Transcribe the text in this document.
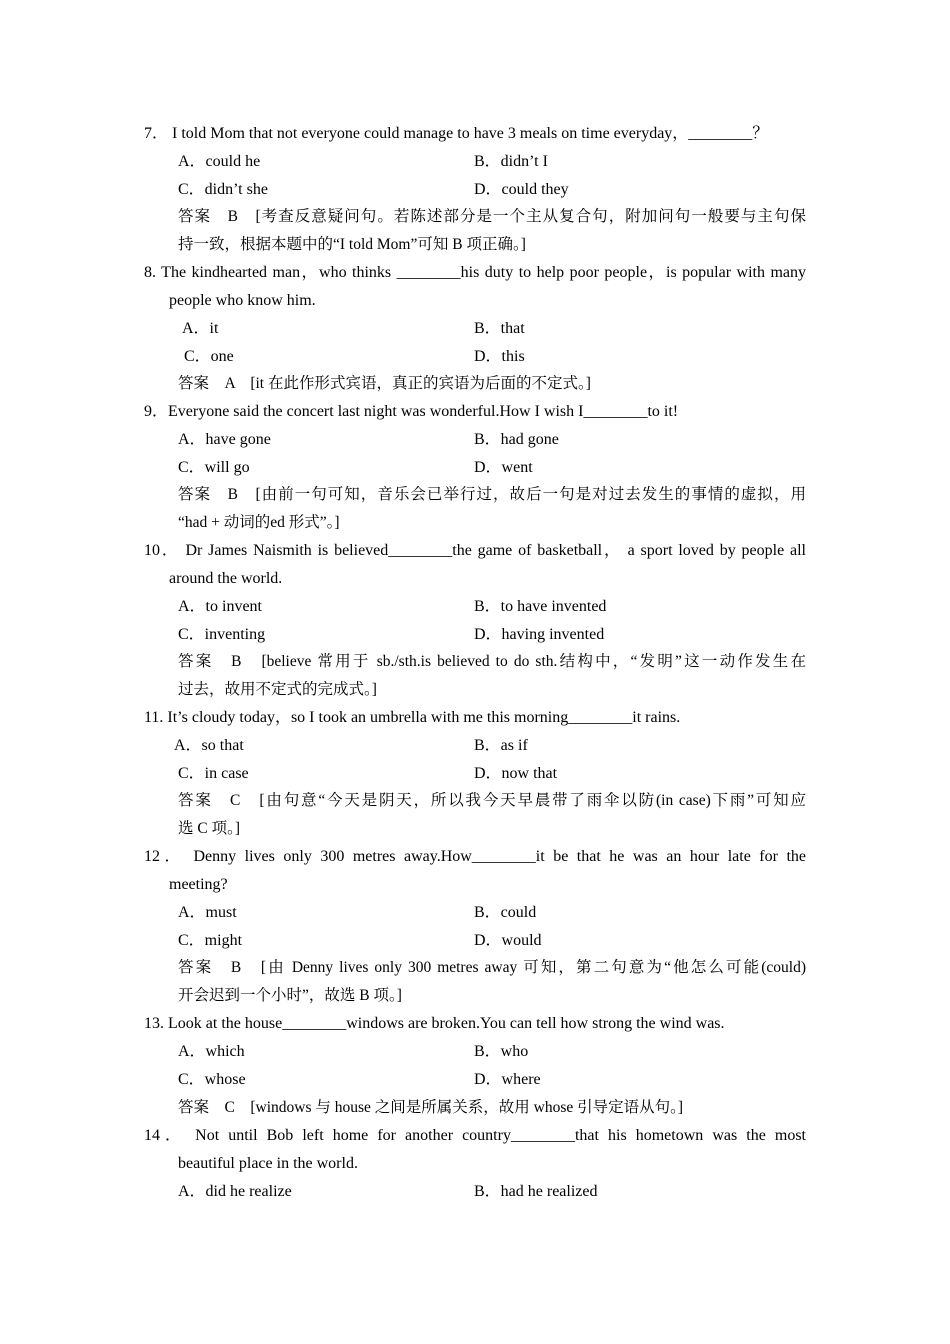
7． I told Mom that not everyone could manage to have 3 meals on time everyday，________？
A．could he	B．didn’t I
C．didn’t she	D．could they
答案　B　[考查反意疑问句。若陈述部分是一个主从复合句，附加问句一般要与主句保
持一致，根据本题中的“I told Mom”可知 B 项正确。]
8. The kindhearted man，who thinks ________his duty to help poor people，is popular with many
people who know him.
A．it	B．that
C．one	D．this
答案　A　[it 在此作形式宾语，真正的宾语为后面的不定式。]
9．Everyone said the concert last night was wonderful.How I wish I________to it!
A．have gone	B．had gone
C．will go	D．went
答案　B　[由前一句可知，音乐会已举行过，故后一句是对过去发生的事情的虚拟，用
“had + 动词的ed 形式”。]
10． Dr James Naismith is believed________the game of basketball， a sport loved by people all
around the world.
A．to invent	B．to have invented
C．inventing	D．having invented
答案　B　[believe 常用于 sb./sth.is believed to do sth.结构中，“发明”这一动作发生在
过去，故用不定式的完成式。]
11. It’s cloudy today，so I took an umbrella with me this morning________it rains.
A．so that	B．as if
C．in case	D．now that
答案　C　[由句意“今天是阴天，所以我今天早晨带了雨伞以防(in case)下雨”可知应
选 C 项。]
12． Denny lives only 300 metres away.How________it be that he was an hour late for the
meeting?
A．must	B．could
C．might	D．would
答案　B　[由 Denny lives only 300 metres away 可知，第二句意为“他怎么可能(could)
开会迟到一个小时”，故选 B 项。]
13. Look at the house________windows are broken.You can tell how strong the wind was.
A．which	B．who
C．whose	D．where
答案　C　[windows 与 house 之间是所属关系，故用 whose 引导定语从句。]
14． Not until Bob left home for another country________that his hometown was the most
beautiful place in the world.
A．did he realize	B．had he realized
